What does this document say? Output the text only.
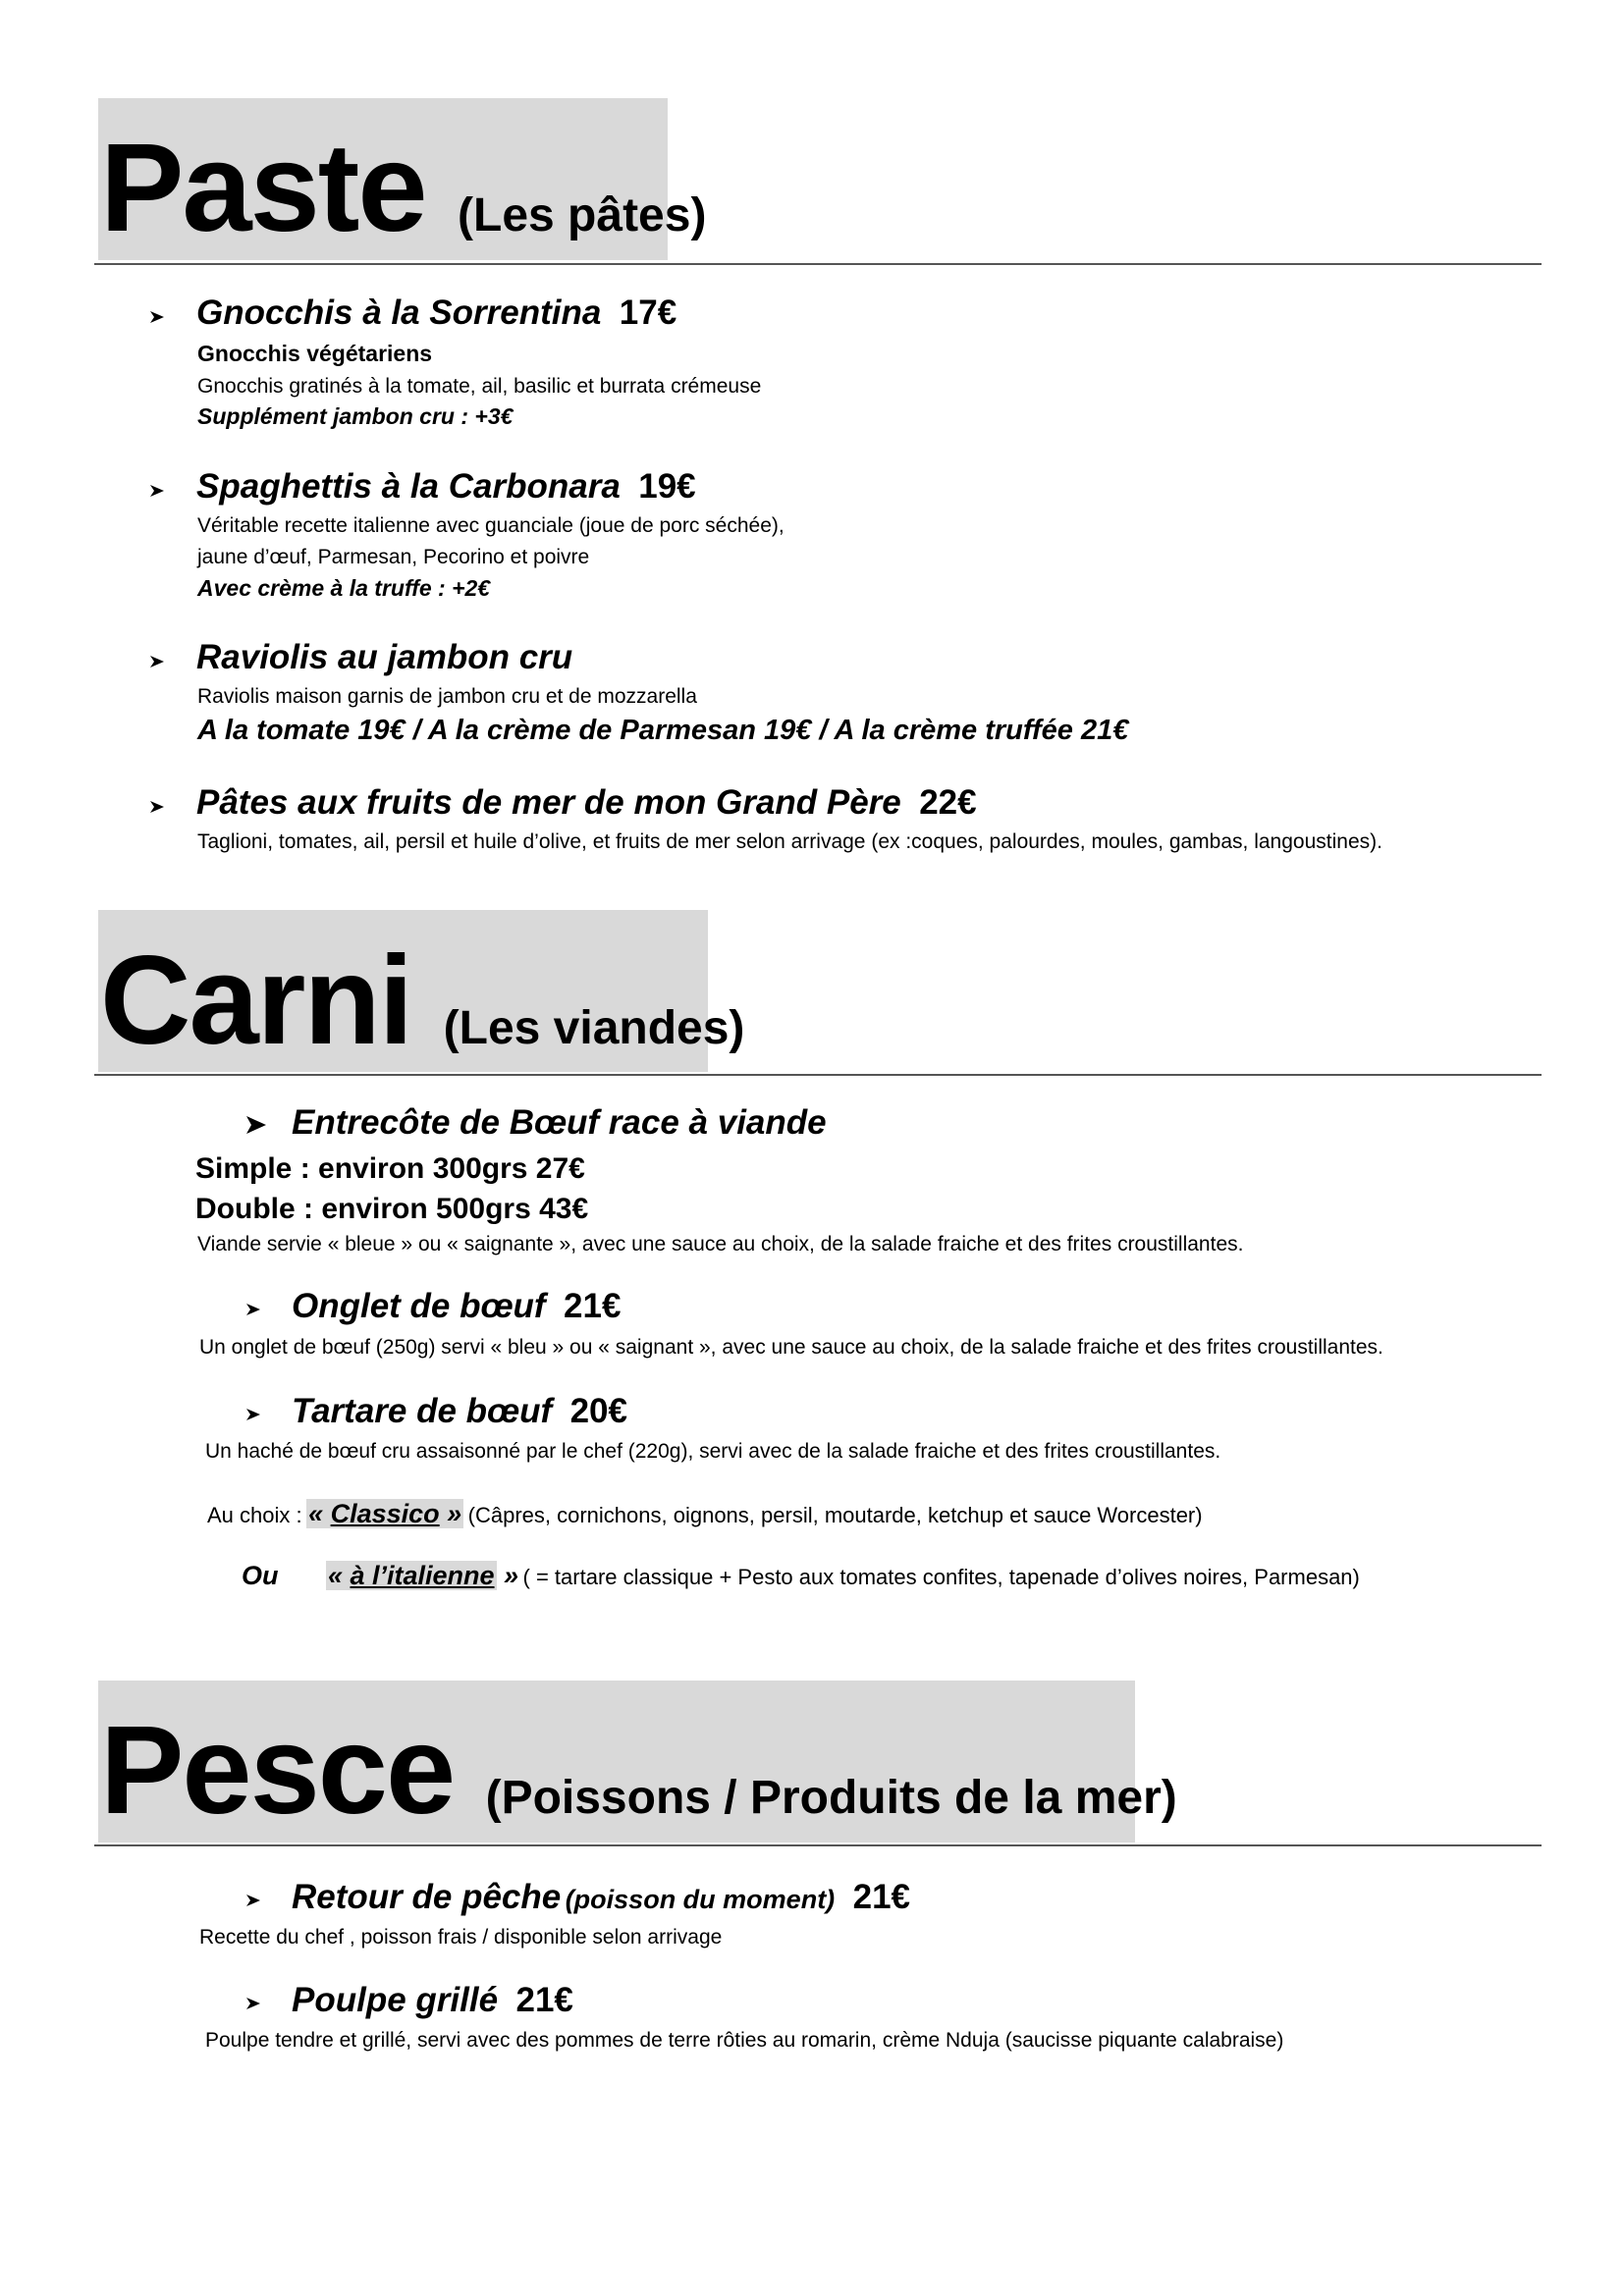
Paste (Les pâtes)
Gnocchis à la Sorrentina 17€
Gnocchis végétariens
Gnocchis gratinés à la tomate, ail, basilic et burrata crémeuse
Supplément jambon cru : +3€
Spaghettis à la Carbonara 19€
Véritable recette italienne avec guanciale (joue de porc séchée),
jaune d’œuf, Parmesan, Pecorino et poivre
Avec crème à la truffe : +2€
Raviolis au jambon cru
Raviolis maison garnis de jambon cru et de mozzarella
A la tomate 19€ / A la crème de Parmesan 19€ / A la crème truffée 21€
Pâtes aux fruits de mer de mon Grand Père 22€
Taglioni, tomates, ail, persil et huile d’olive, et fruits de mer selon arrivage (ex :coques, palourdes, moules, gambas, langoustines).
Carni (Les viandes)
Entrecôte de Bœuf race à viande
Simple : environ 300grs 27€
Double : environ 500grs 43€
Viande servie « bleue » ou « saignante », avec une sauce au choix, de la salade fraiche et des frites croustillantes.
Onglet de bœuf 21€
Un onglet de bœuf (250g) servi « bleu » ou « saignant », avec une sauce au choix, de la salade fraiche et des frites croustillantes.
Tartare de bœuf 20€
Un haché de bœuf cru assaisonné par le chef (220g), servi avec de la salade fraiche et des frites croustillantes.
Au choix : « Classico » (Câpres, cornichons, oignons, persil, moutarde, ketchup et sauce Worcester)
Ou « à l’italienne » ( = tartare classique + Pesto aux tomates confites, tapenade d’olives noires, Parmesan)
Pesce (Poissons / Produits de la mer)
Retour de pêche (poisson du moment) 21€
Recette du chef , poisson frais / disponible selon arrivage
Poulpe grillé 21€
Poulpe tendre et grillé, servi avec des pommes de terre rôties au romarin, crème Nduja (saucisse piquante calabraise)
